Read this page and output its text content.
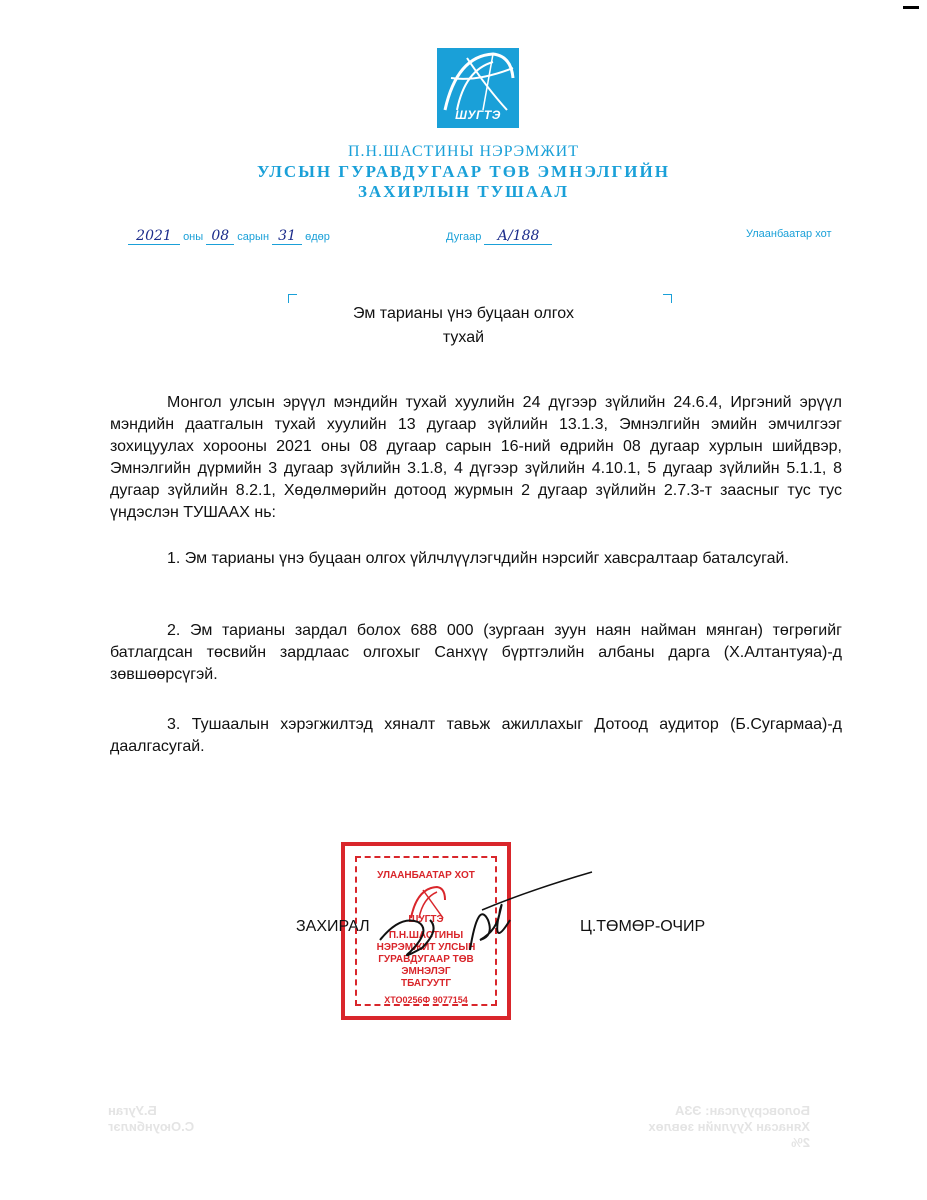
ШУГТЭ
П.Н.ШАСТИНЫ НЭРЭМЖИТ
УЛСЫН ГУРАВДУГААР ТӨВ ЭМНЭЛГИЙН
ЗАХИРЛЫН ТУШААЛ
2021 оны 08 сарын 31 өдөр	Дугаар А/188	Улаанбаатар хот
Эм тарианы үнэ буцаан олгох
тухай
Монгол улсын эрүүл мэндийн тухай хуулийн 24 дүгээр зүйлийн 24.6.4, Иргэний эрүүл мэндийн даатгалын тухай хуулийн 13 дугаар зүйлийн 13.1.3, Эмнэлгийн эмийн эмчилгээг зохицуулах хорооны 2021 оны 08 дугаар сарын 16-ний өдрийн 08 дугаар хурлын шийдвэр, Эмнэлгийн дүрмийн 3 дугаар зүйлийн 3.1.8, 4 дүгээр зүйлийн 4.10.1, 5 дугаар зүйлийн 5.1.1, 8 дугаар зүйлийн 8.2.1, Хөдөлмөрийн дотоод журмын 2 дугаар зүйлийн 2.7.3-т заасныг тус тус үндэслэн ТУШААХ нь:
1. Эм тарианы үнэ буцаан олгох үйлчлүүлэгчдийн нэрсийг хавсралтаар баталсугай.
2. Эм тарианы зардал болох 688 000 (зургаан зуун наян найман мянган) төгрөгийг батлагдсан төсвийн зардлаас олгохыг Санхүү бүртгэлийн албаны дарга (Х.Алтантуяа)-д зөвшөөрсүгэй.
3. Тушаалын хэрэгжилтэд хяналт тавьж ажиллахыг Дотоод аудитор (Б.Сугармаа)-д даалгасугай.
УЛААНБААТАР ХОТ
ШУГТЭ
П.Н.ШАСТИНЫ
НЭРЭМЖИТ УЛСЫН
ГУРАВДУГААР ТӨВ
ЭМНЭЛЭГ
ТБАГУУТГ
ХТО0256Ф 9077154
ЗАХИРАЛ	Ц.ТӨМӨР-ОЧИР
Б.Ууган
С.Оюунбилэг
Боловсруулсан: ЭЗА
Хянасан Хуулийн зөвлөх
2%
